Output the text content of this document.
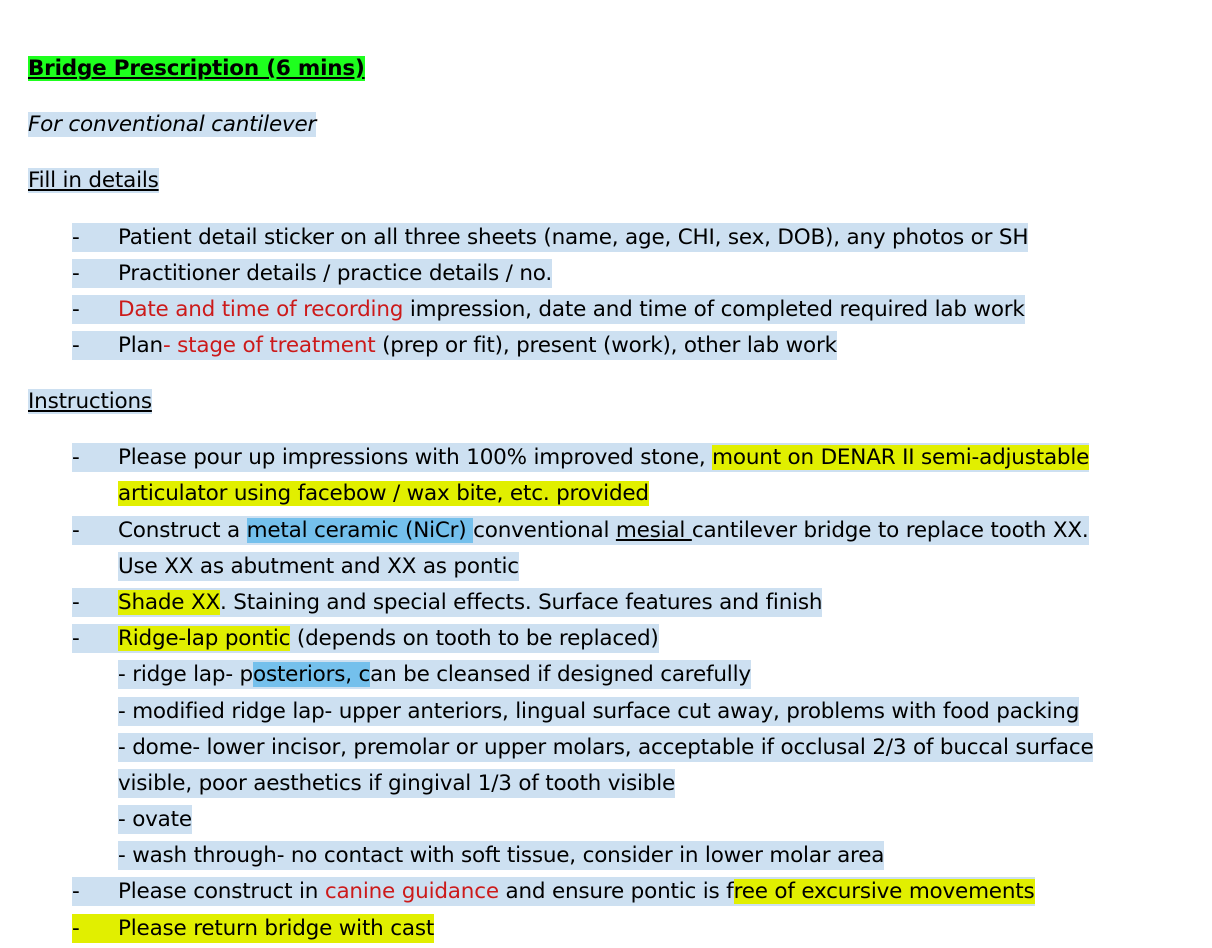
Bridge Prescription (6 mins)
For conventional cantilever
Fill in details
-	Patient detail sticker on all three sheets (name, age, CHI, sex, DOB), any photos or SH
-	Practitioner details / practice details / no.
-	Date and time of recording impression, date and time of completed required lab work
-	Plan- stage of treatment (prep or fit), present (work), other lab work
Instructions
-	Please pour up impressions with 100% improved stone, mount on DENAR II semi-adjustable
articulator using facebow / wax bite, etc. provided
-	Construct a metal ceramic (NiCr) conventional mesial cantilever bridge to replace tooth XX.
Use XX as abutment and XX as pontic
-	Shade XX. Staining and special effects. Surface features and finish
-	Ridge-lap pontic (depends on tooth to be replaced)
- ridge lap- posteriors, can be cleansed if designed carefully
- modified ridge lap- upper anteriors, lingual surface cut away, problems with food packing
- dome- lower incisor, premolar or upper molars, acceptable if occlusal 2/3 of buccal surface
visible, poor aesthetics if gingival 1/3 of tooth visible
- ovate
- wash through- no contact with soft tissue, consider in lower molar area
-	Please construct in canine guidance and ensure pontic is free of excursive movements
-	Please return bridge with cast
